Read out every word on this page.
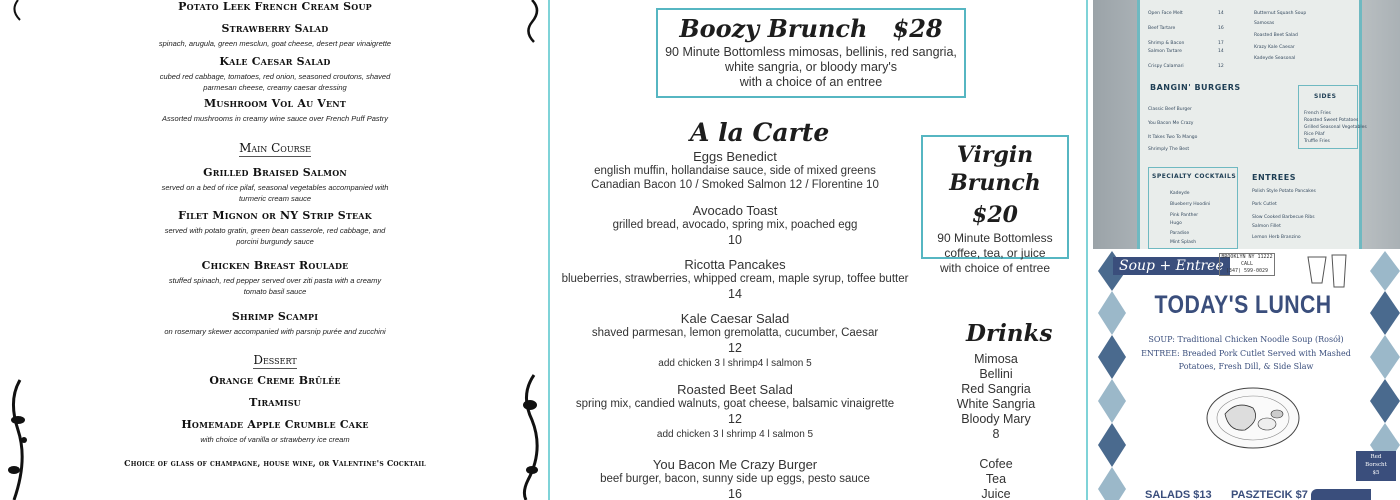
Potato Leek French Cream Soup
Strawberry Salad
spinach, arugula, green mesclun, goat cheese, desert pear vinaigrette
Kale Caesar Salad
cubed red cabbage, tomatoes, red onion, seasoned croutons, shaved parmesan cheese, creamy caesar dressing
Mushroom Vol Au Vent
Assorted mushrooms in creamy wine sauce over French Puff Pastry
Main Course
Grilled Braised Salmon
served on a bed of rice pilaf, seasonal vegetables accompanied with turmeric cream sauce
Filet Mignon or NY Strip Steak
served with potato gratin, green bean casserole, red cabbage, and porcini burgundy sauce
Chicken Breast Roulade
stuffed spinach, red pepper served over ziti pasta with a creamy tomato basil sauce
Shrimp Scampi
on rosemary skewer accompanied with parsnip purée and zucchini
Dessert
Orange Creme Brûlée
Tiramisu
Homemade Apple Crumble Cake
with choice of vanilla or strawberry ice cream
Choice of glass of champagne, house wine, or Valentine's Cocktail
Boozy Brunch   $28
90 Minute Bottomless mimosas, bellinis, red sangria,
white sangria, or bloody mary's
with a choice of an entree
A la Carte
Eggs Benedict
english muffin, hollandaise sauce, side of mixed greens
Canadian Bacon 10 / Smoked Salmon 12 / Florentine 10
Avocado Toast
grilled bread, avocado, spring mix, poached egg
10
Ricotta Pancakes
blueberries, strawberries, whipped cream, maple syrup, toffee butter
14
Kale Caesar Salad
shaved parmesan, lemon gremolatta, cucumber, Caesar
12
add chicken 3 l shrimp4 l salmon 5
Roasted Beet Salad
spring mix, candied walnuts, goat cheese, balsamic vinaigrette
12
add chicken 3 l shrimp 4 l salmon 5
You Bacon Me Crazy Burger
beef burger, bacon, sunny side up eggs, pesto sauce
16
Virgin Brunch
$20
90 Minute Bottomless
coffee, tea, or juice
with choice of entree
Drinks
Mimosa
Bellini
Red Sangria
White Sangria
Bloody Mary
8
Cofee
Tea
Juice
Open Face Melt
Beef Tartare
Shrimp & Bacon
Salmon Tartare
Crispy Calamari
14
16
17
14
12
Butternut Squash Soup
Samosas
Roasted Beet Salad
Krazy Kale Caesar
Kadeyde Seasonal
BANGIN' BURGERS
Classic Beef Burger
You Bacon Me Crazy
It Takes Two To Mango
Shrimply The Best
SIDES
French Fries
Roasted Sweet Potatoes
Grilled Seasonal Vegetables
Rice Pilaf
Truffle Fries
SPECIALTY COCKTAILS
Kadeyde
Blueberry Hoodini
Pink Panther
Hugo
Paradise
Mint Splash
ENTREES
Polish Style Potato Pancakes
Pork Cutlet
Slow Cooked Barbecue Ribs
Salmon Fillet
Lemon Herb Branzino
Soup + Entree
BROOKLYN NY 11222
CALL
(347) 599-0029
TODAY'S LUNCH
SOUP: Traditional Chicken Noodle Soup (Rosół)
ENTREE: Breaded Pork Cutlet Served with Mashed Potatoes, Fresh Dill, & Side Slaw
Red
Borscht
$5
SALADS $13 PASZTECIK $7
